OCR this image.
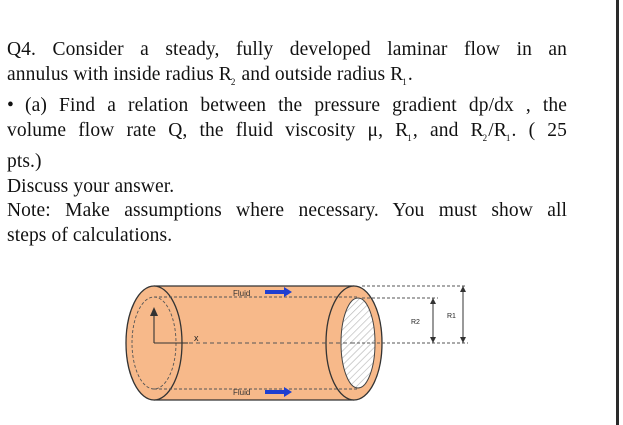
Q4. Consider a steady, fully developed laminar flow in an

annulus with inside radius $R_2$ and outside radius $R_1$.

• (a) Find a relation between the pressure gradient dp/dx , the

volume flow rate Q, the fluid viscosity μ, $R_1$, and $R_2/R_1$. ( 25

pts.)

Discuss your answer.

Note: Make assumptions where necessary. You must show all

steps of calculations.

x
Fluid
Fluid
R2
R1
